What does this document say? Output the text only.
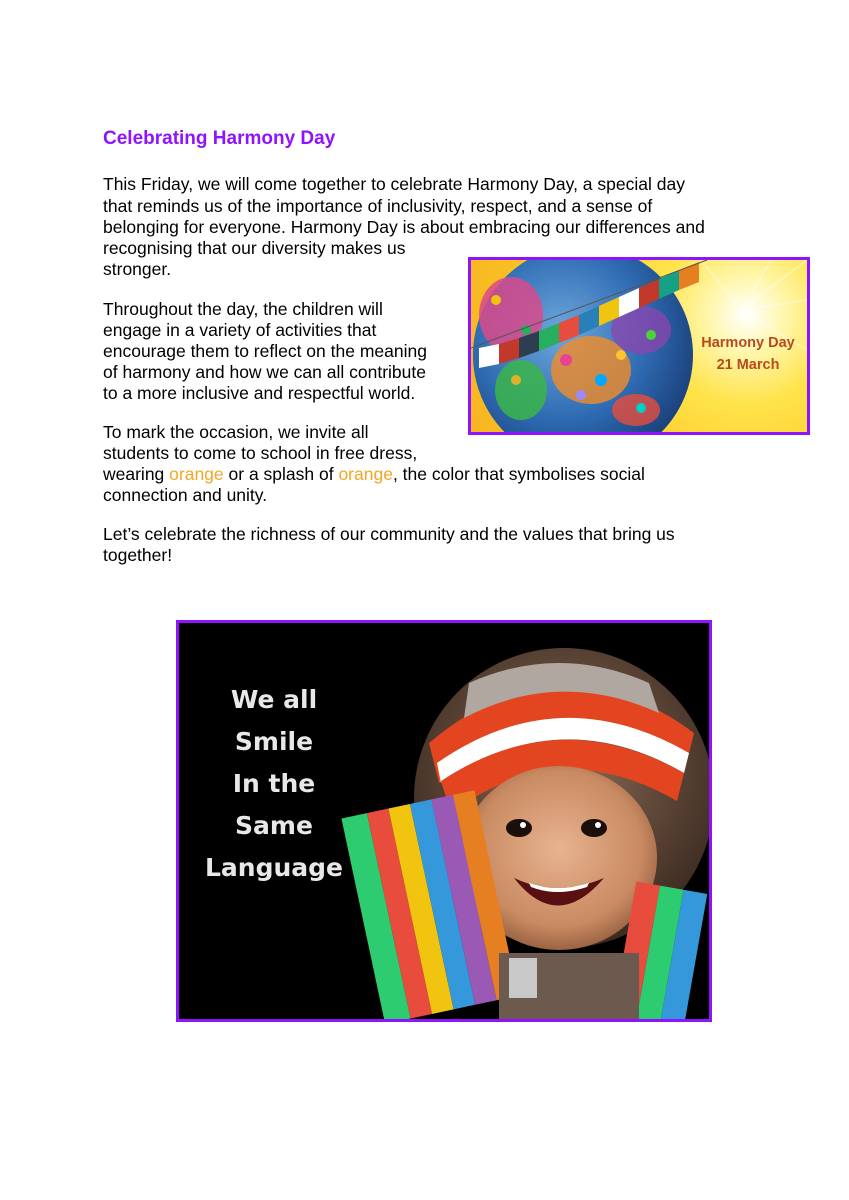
Celebrating Harmony Day

This Friday, we will come together to celebrate Harmony Day, a special day

that reminds us of the importance of inclusivity, respect, and a sense of

belonging for everyone. Harmony Day is about embracing our differences and

recognising that our diversity makes us

stronger.

Throughout the day, the children will

engage in a variety of activities that

encourage them to reflect on the meaning

of harmony and how we can all contribute

to a more inclusive and respectful world.

To mark the occasion, we invite all

students to come to school in free dress,

wearing orange or a splash of orange, the color that symbolises social

connection and unity.

Let’s celebrate the richness of our community and the values that bring us

together!

Harmony Day
21 March
We all
Smile
In the
Same
Language
